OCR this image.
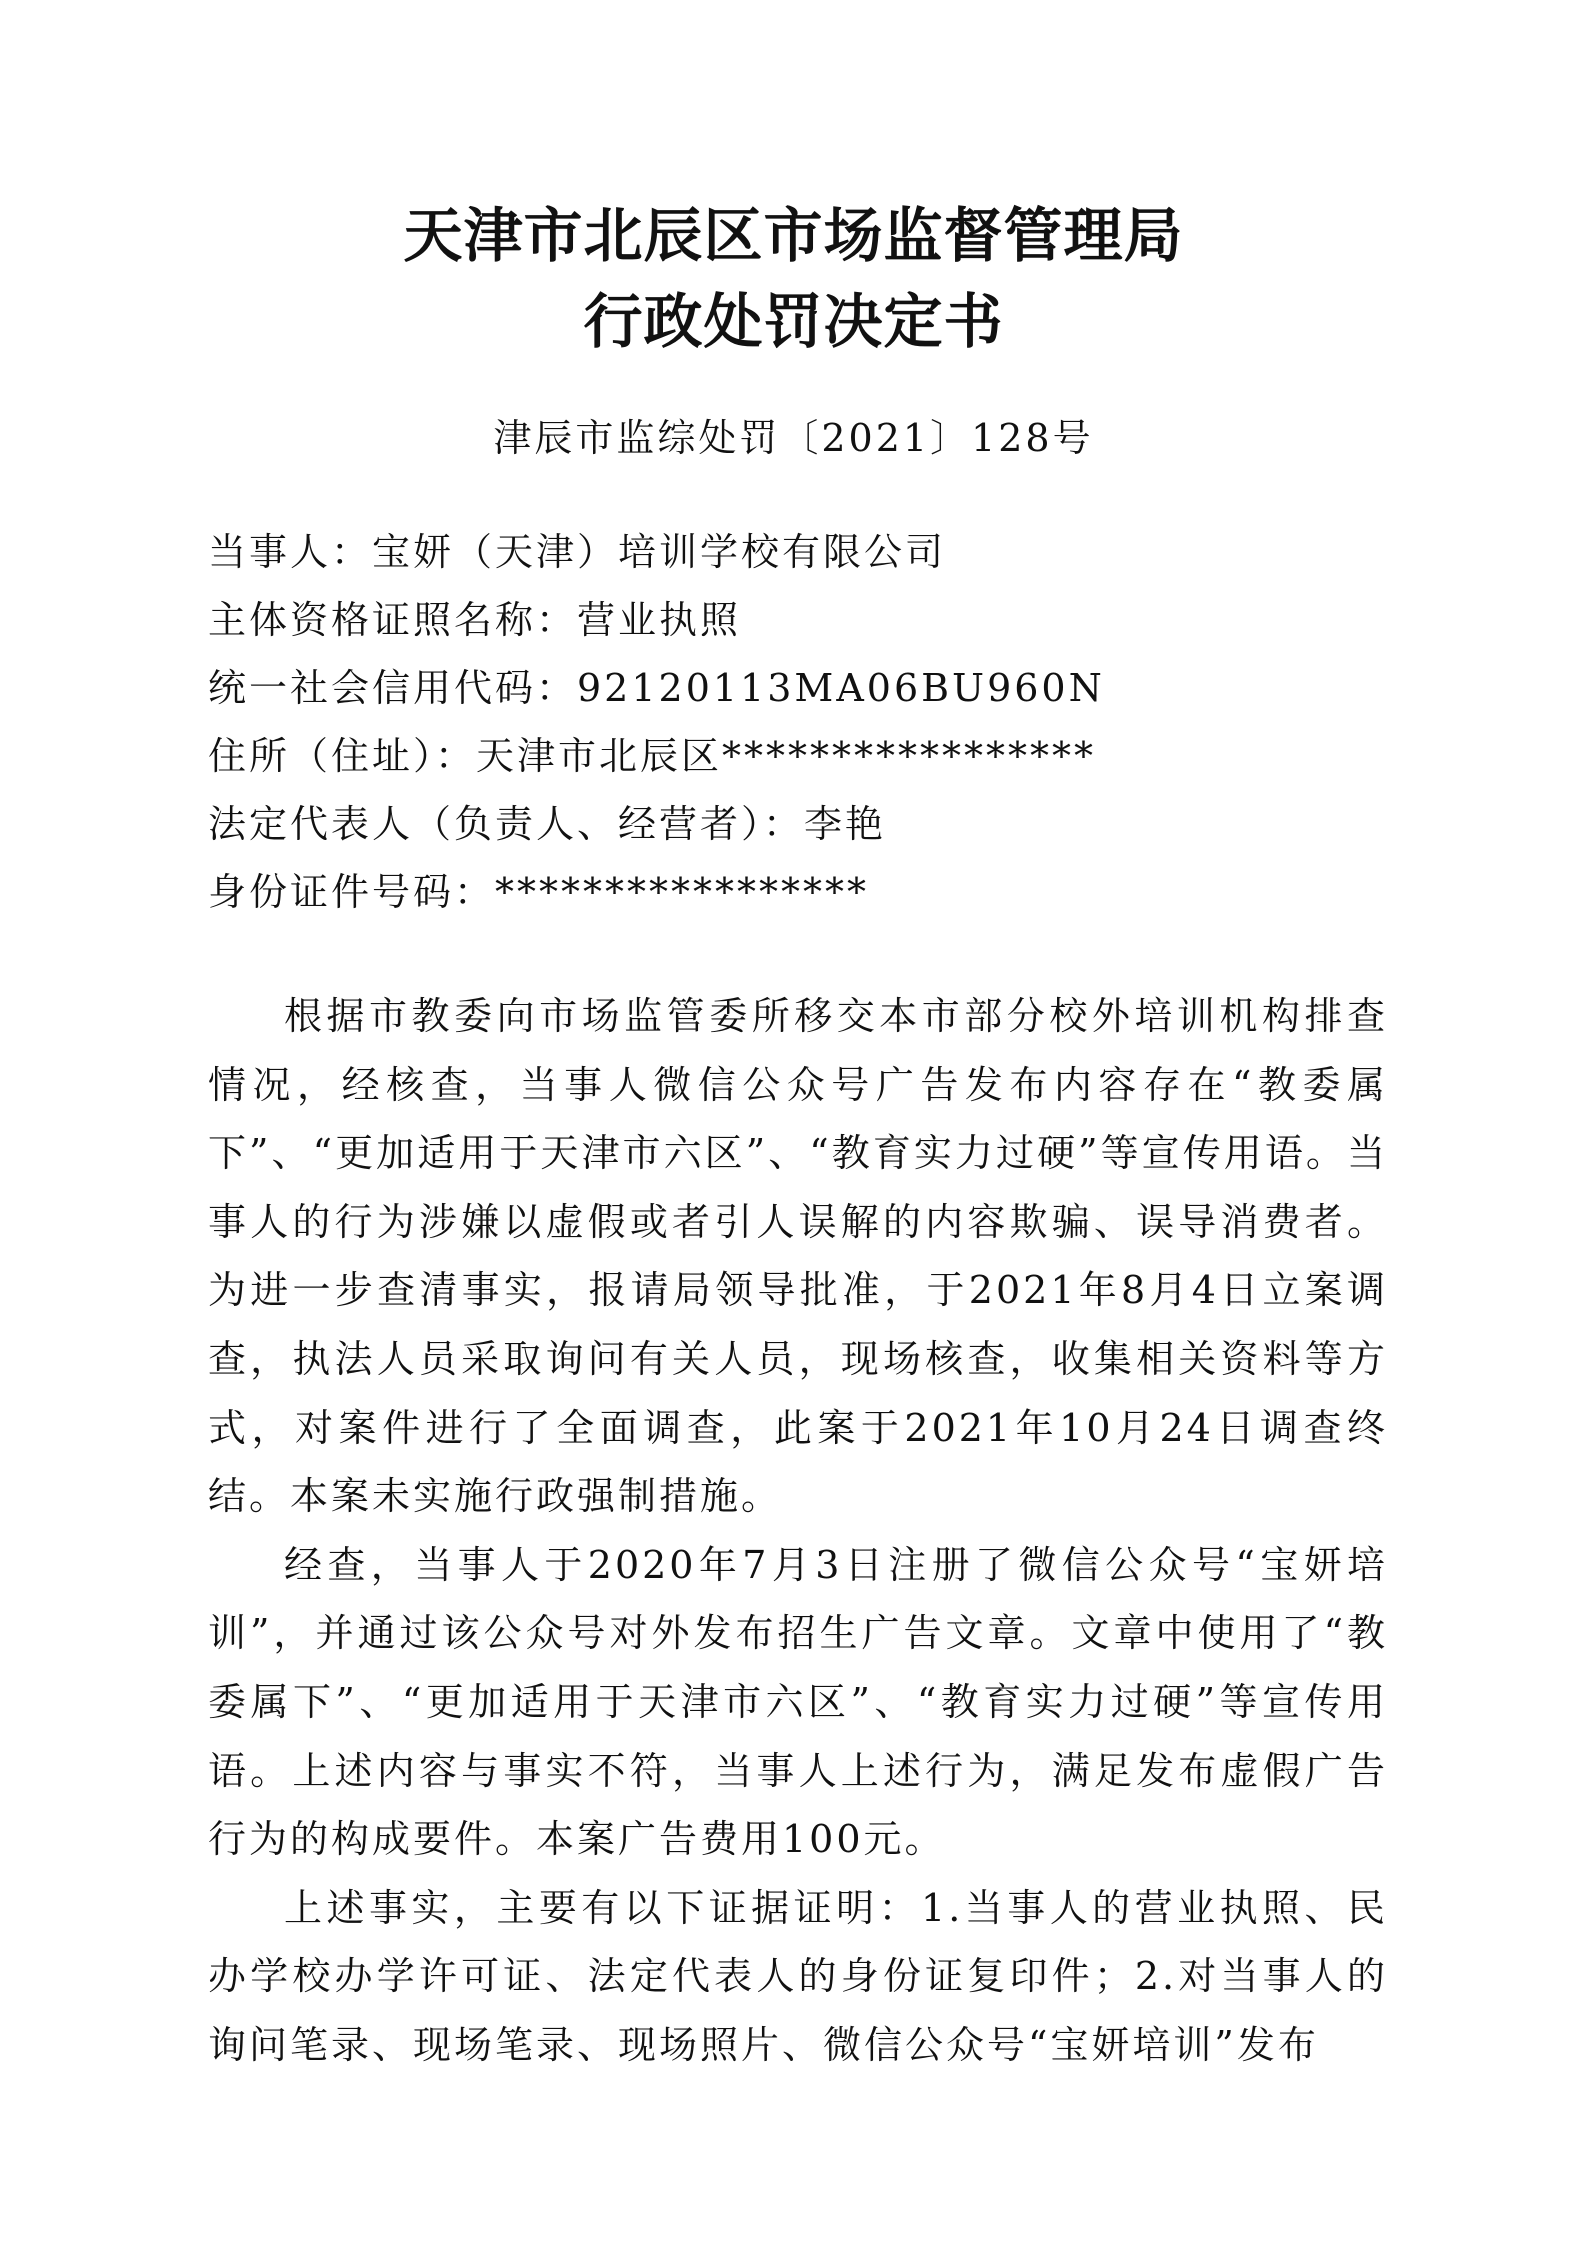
天津市北辰区市场监督管理局
行政处罚决定书
津辰市监综处罚〔2021〕128号
当事人：宝妍（天津）培训学校有限公司
主体资格证照名称：营业执照
统一社会信用代码：92120113MA06BU960N
住所（住址）：天津市北辰区*****************
法定代表人（负责人、经营者）：李艳
身份证件号码：*****************

根据市教委向市场监管委所移交本市部分校外培训机构排查情况，经核查，当事人微信公众号广告发布内容存在“教委属下”、“更加适用于天津市六区”、“教育实力过硬”等宣传用语。当事人的行为涉嫌以虚假或者引人误解的内容欺骗、误导消费者。为进一步查清事实，报请局领导批准，于2021年8月4日立案调查，执法人员采取询问有关人员，现场核查，收集相关资料等方式，对案件进行了全面调查，此案于2021年10月24日调查终结。本案未实施行政强制措施。

经查，当事人于2020年7月3日注册了微信公众号“宝妍培训”，并通过该公众号对外发布招生广告文章。文章中使用了“教委属下”、“更加适用于天津市六区”、“教育实力过硬”等宣传用语。上述内容与事实不符，当事人上述行为，满足发布虚假广告行为的构成要件。本案广告费用100元。

上述事实，主要有以下证据证明：1.当事人的营业执照、民办学校办学许可证、法定代表人的身份证复印件；2.对当事人的询问笔录、现场笔录、现场照片、微信公众号“宝妍培训”发布
